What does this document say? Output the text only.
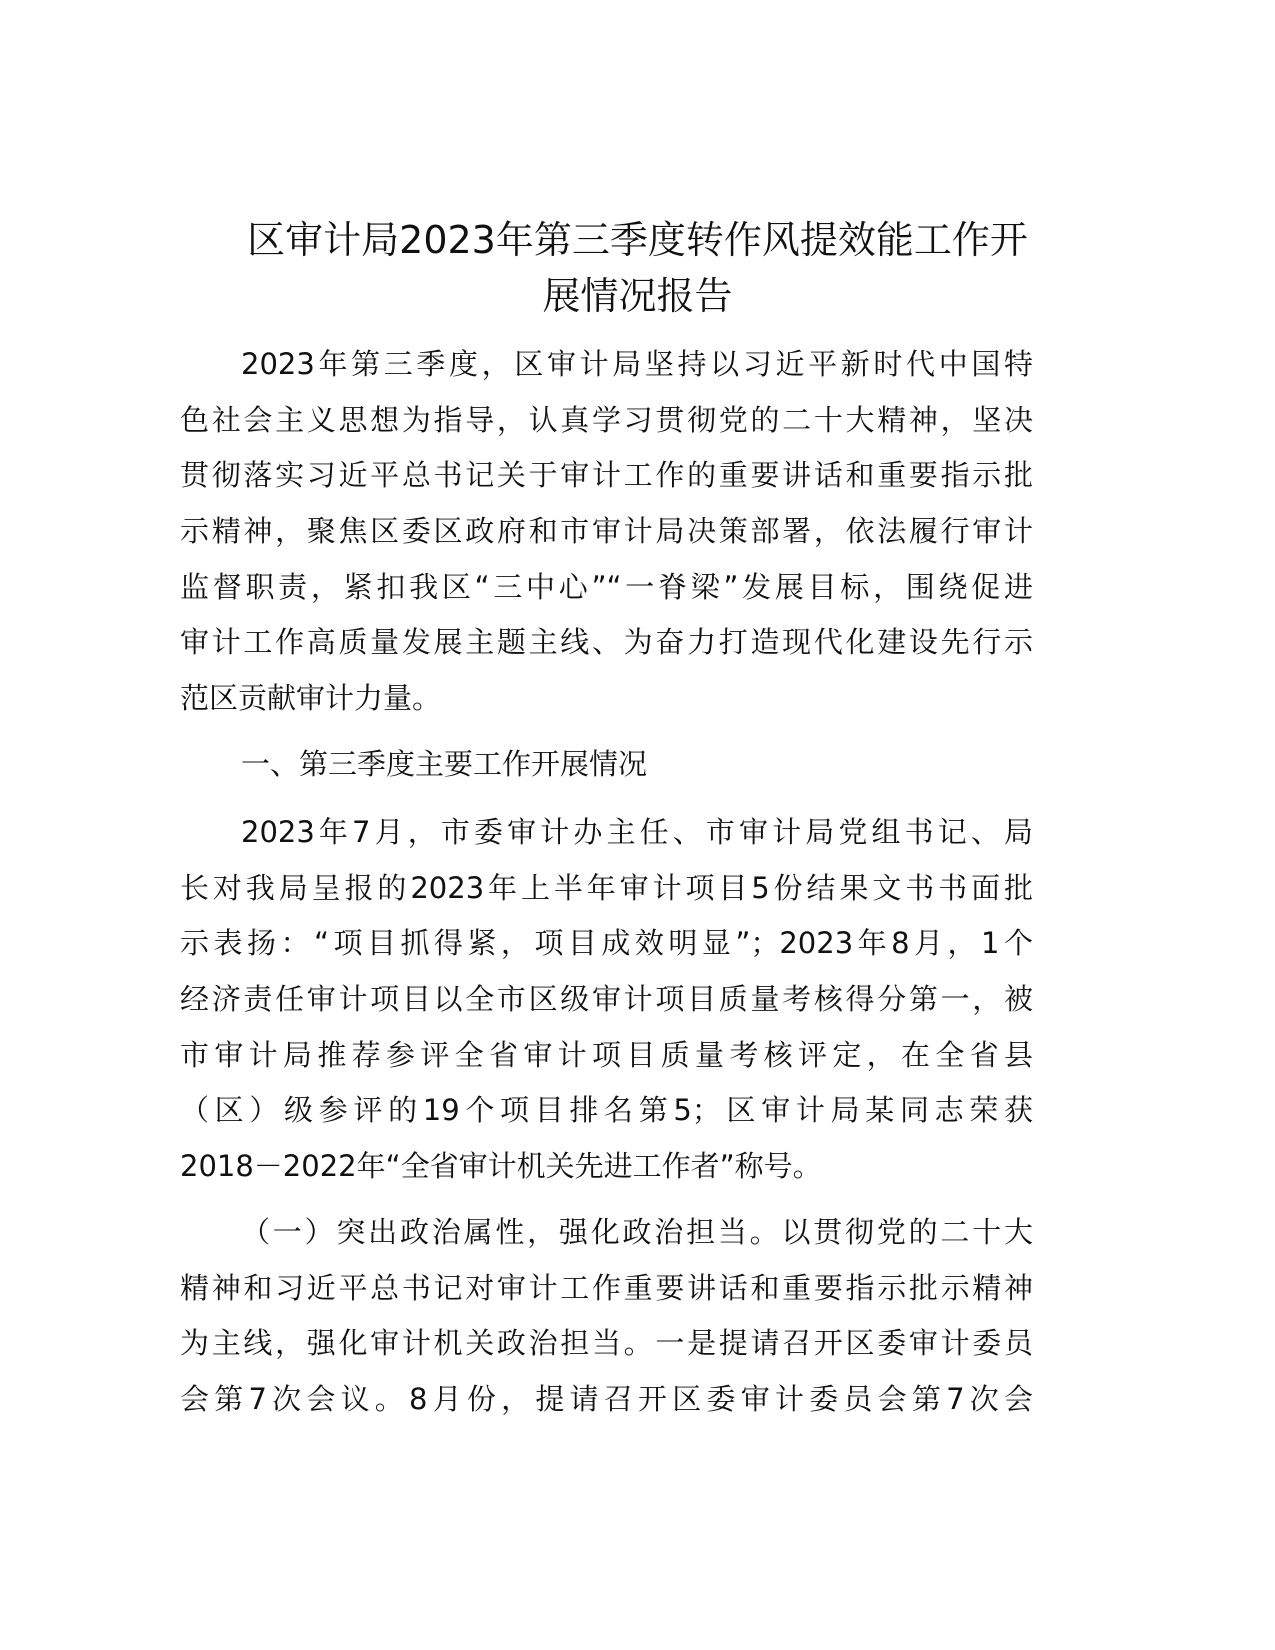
区审计局2023年第三季度转作风提效能工作开
展情况报告
2023年第三季度，区审计局坚持以习近平新时代中国特
色社会主义思想为指导，认真学习贯彻党的二十大精神，坚决
贯彻落实习近平总书记关于审计工作的重要讲话和重要指示批
示精神，聚焦区委区政府和市审计局决策部署，依法履行审计
监督职责，紧扣我区“三中心”“一脊梁”发展目标，围绕促进
审计工作高质量发展主题主线、为奋力打造现代化建设先行示
范区贡献审计力量。
一、第三季度主要工作开展情况
2023年7月，市委审计办主任、市审计局党组书记、局
长对我局呈报的2023年上半年审计项目5份结果文书书面批
示表扬：“项目抓得紧，项目成效明显”；2023年8月，1个
经济责任审计项目以全市区级审计项目质量考核得分第一，被
市审计局推荐参评全省审计项目质量考核评定，在全省县
（区）级参评的19个项目排名第5；区审计局某同志荣获
2018－2022年“全省审计机关先进工作者”称号。
（一）突出政治属性，强化政治担当。以贯彻党的二十大
精神和习近平总书记对审计工作重要讲话和重要指示批示精神
为主线，强化审计机关政治担当。一是提请召开区委审计委员
会第7次会议。8月份，提请召开区委审计委员会第7次会
